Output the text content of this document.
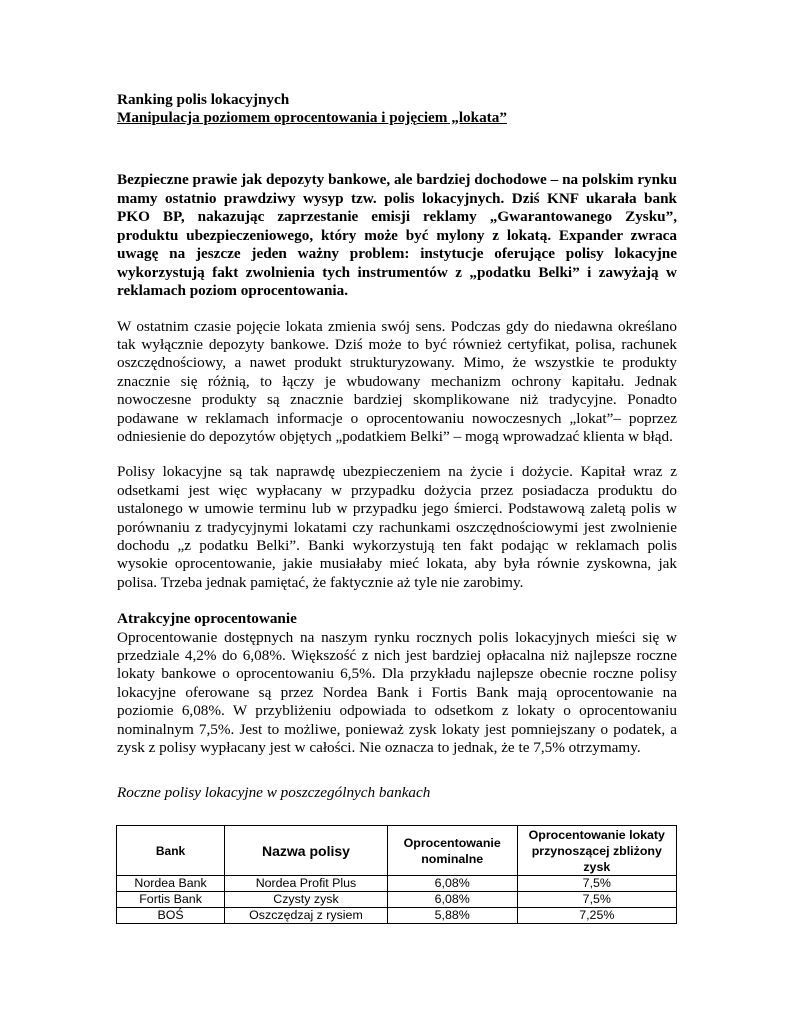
Ranking polis lokacyjnych

Manipulacja poziomem oprocentowania i pojęciem „lokata”

Bezpieczne prawie jak depozyty bankowe, ale bardziej dochodowe – na polskim rynku mamy ostatnio prawdziwy wysyp tzw. polis lokacyjnych. Dziś KNF ukarała bank PKO BP, nakazując zaprzestanie emisji reklamy „Gwarantowanego Zysku”, produktu ubezpieczeniowego, który może być mylony z lokatą. Expander zwraca uwagę na jeszcze jeden ważny problem: instytucje oferujące polisy lokacyjne wykorzystują fakt zwolnienia tych instrumentów z „podatku Belki” i zawyżają w reklamach poziom oprocentowania.

W ostatnim czasie pojęcie lokata zmienia swój sens. Podczas gdy do niedawna określano tak wyłącznie depozyty bankowe. Dziś może to być również certyfikat, polisa, rachunek oszczędnościowy, a nawet produkt strukturyzowany. Mimo, że wszystkie te produkty znacznie się różnią, to łączy je wbudowany mechanizm ochrony kapitału. Jednak nowoczesne produkty są znacznie bardziej skomplikowane niż tradycyjne. Ponadto podawane w reklamach informacje o oprocentowaniu nowoczesnych „lokat”– poprzez odniesienie do depozytów objętych „podatkiem Belki” – mogą wprowadzać klienta w błąd.

Polisy lokacyjne są tak naprawdę ubezpieczeniem na życie i dożycie. Kapitał wraz z odsetkami jest więc wypłacany w przypadku dożycia przez posiadacza produktu do ustalonego w umowie terminu lub w przypadku jego śmierci. Podstawową zaletą polis w porównaniu z tradycyjnymi lokatami czy rachunkami oszczędnościowymi jest zwolnienie dochodu „z podatku Belki”. Banki wykorzystują ten fakt podając w reklamach polis wysokie oprocentowanie, jakie musiałaby mieć lokata, aby była równie zyskowna, jak polisa. Trzeba jednak pamiętać, że faktycznie aż tyle nie zarobimy.

Atrakcyjne oprocentowanie

Oprocentowanie dostępnych na naszym rynku rocznych polis lokacyjnych mieści się w przedziale 4,2% do 6,08%. Większość z nich jest bardziej opłacalna niż najlepsze roczne lokaty bankowe o oprocentowaniu 6,5%. Dla przykładu najlepsze obecnie roczne polisy lokacyjne oferowane są przez Nordea Bank i Fortis Bank mają oprocentowanie na poziomie 6,08%. W przybliżeniu odpowiada to odsetkom z lokaty o oprocentowaniu nominalnym 7,5%. Jest to możliwe, ponieważ zysk lokaty jest pomniejszany o podatek, a zysk z polisy wypłacany jest w całości. Nie oznacza to jednak, że te 7,5% otrzymamy.

Roczne polisy lokacyjne w poszczególnych bankach

Bank	Nazwa polisy	Oprocentowanie nominalne	Oprocentowanie lokaty przynoszącej zbliżony zysk
Nordea Bank	Nordea Profit Plus	6,08%	7,5%
Fortis Bank	Czysty zysk	6,08%	7,5%
BOŚ	Oszczędzaj z rysiem	5,88%	7,25%
